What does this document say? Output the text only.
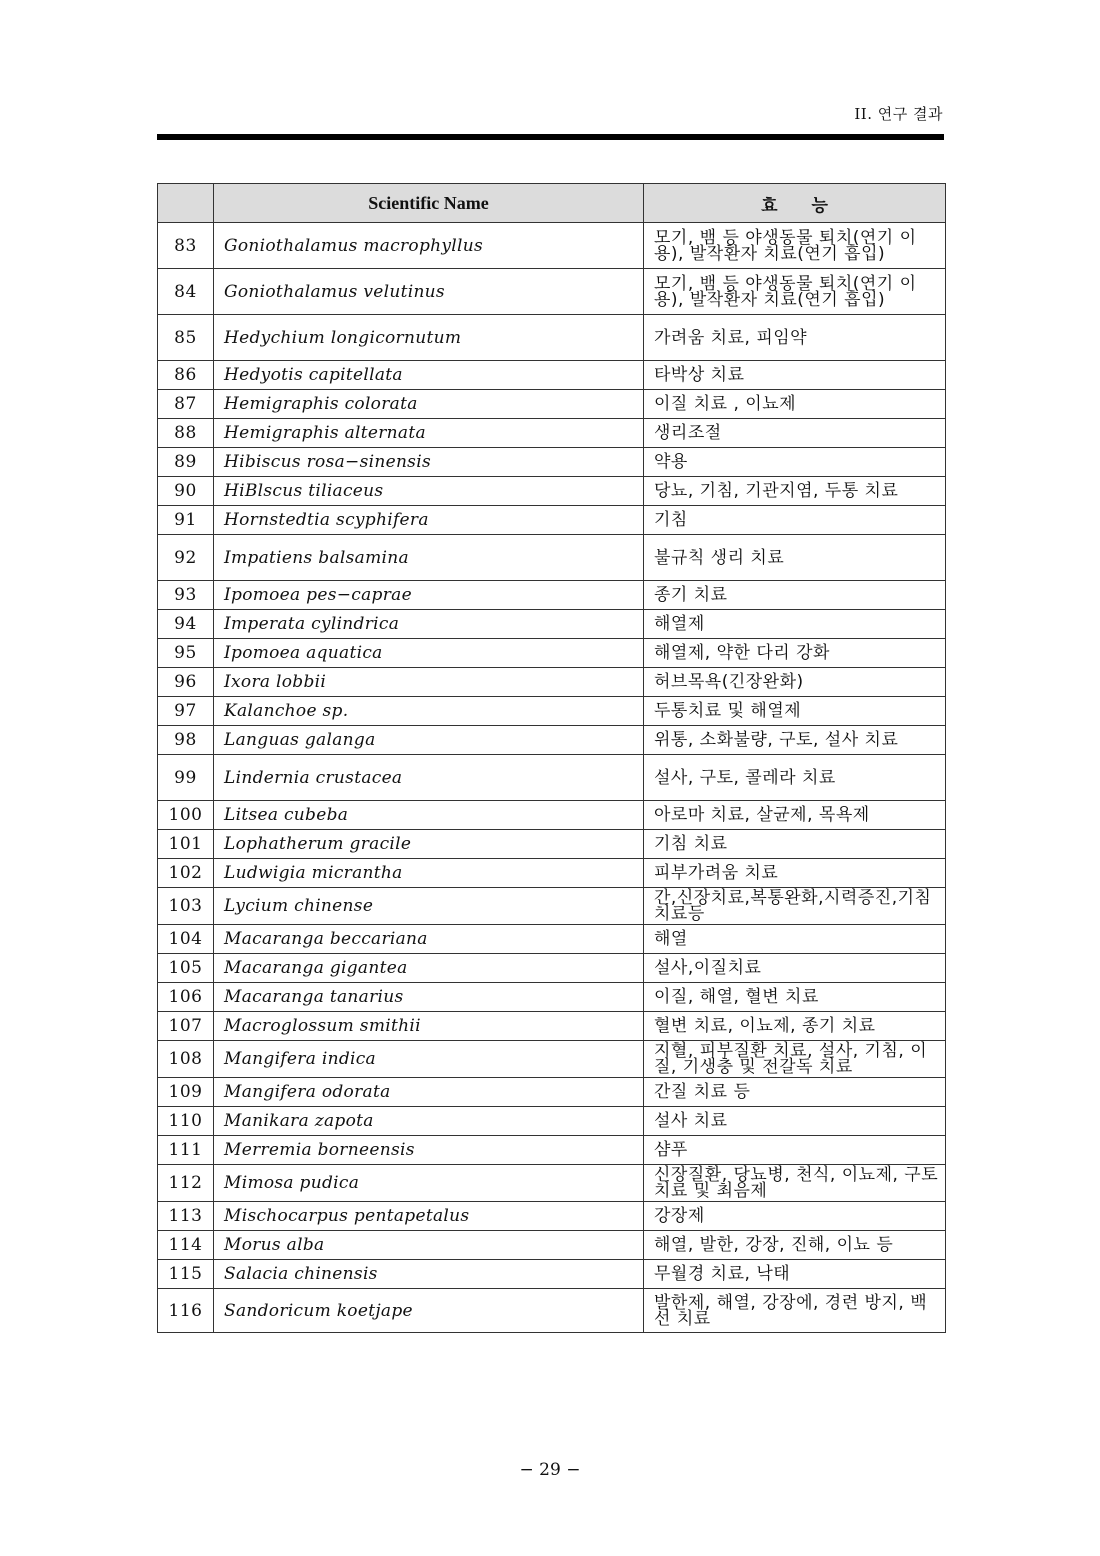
II. 연구 결과
	Scientific Name	효 능
83	Goniothalamus macrophyllus	모기, 뱀 등 야생동물 퇴치(연기 이용), 발작환자 치료(연기 흡입)
84	Goniothalamus velutinus	모기, 뱀 등 야생동물 퇴치(연기 이용), 발작환자 치료(연기 흡입)
85	Hedychium longicornutum	가려움 치료, 피임약
86	Hedyotis capitellata	타박상 치료
87	Hemigraphis colorata	이질 치료 , 이뇨제
88	Hemigraphis alternata	생리조절
89	Hibiscus rosa−sinensis	약용
90	HiBlscus tiliaceus	당뇨, 기침, 기관지염, 두통 치료
91	Hornstedtia scyphifera	기침
92	Impatiens balsamina	불규칙 생리 치료
93	Ipomoea pes−caprae	종기 치료
94	Imperata cylindrica	해열제
95	Ipomoea aquatica	해열제, 약한 다리 강화
96	Ixora lobbii	허브목욕(긴장완화)
97	Kalanchoe sp.	두통치료 및 해열제
98	Languas galanga	위통, 소화불량, 구토, 설사 치료
99	Lindernia crustacea	설사, 구토, 콜레라 치료
100	Litsea cubeba	아로마 치료, 살균제, 목욕제
101	Lophatherum gracile	기침 치료
102	Ludwigia micrantha	피부가려움 치료
103	Lycium chinense	간,신장치료,복통완화,시력증진,기침치료등
104	Macaranga beccariana	해열
105	Macaranga gigantea	설사,이질치료
106	Macaranga tanarius	이질, 해열, 혈변 치료
107	Macroglossum smithii	혈변 치료, 이뇨제, 종기 치료
108	Mangifera indica	지혈, 피부질환 치료, 설사, 기침, 이질, 기생충 및 전갈독 치료
109	Mangifera odorata	간질 치료 등
110	Manikara zapota	설사 치료
111	Merremia borneensis	샴푸
112	Mimosa pudica	신장질환, 당뇨병, 천식, 이뇨제, 구토 치료 및 최음제
113	Mischocarpus pentapetalus	강장제
114	Morus alba	해열, 발한, 강장, 진해, 이뇨 등
115	Salacia chinensis	무월경 치료, 낙태
116	Sandoricum koetjape	발한제, 해열, 강장에, 경련 방지, 백선 치료
− 29 −
